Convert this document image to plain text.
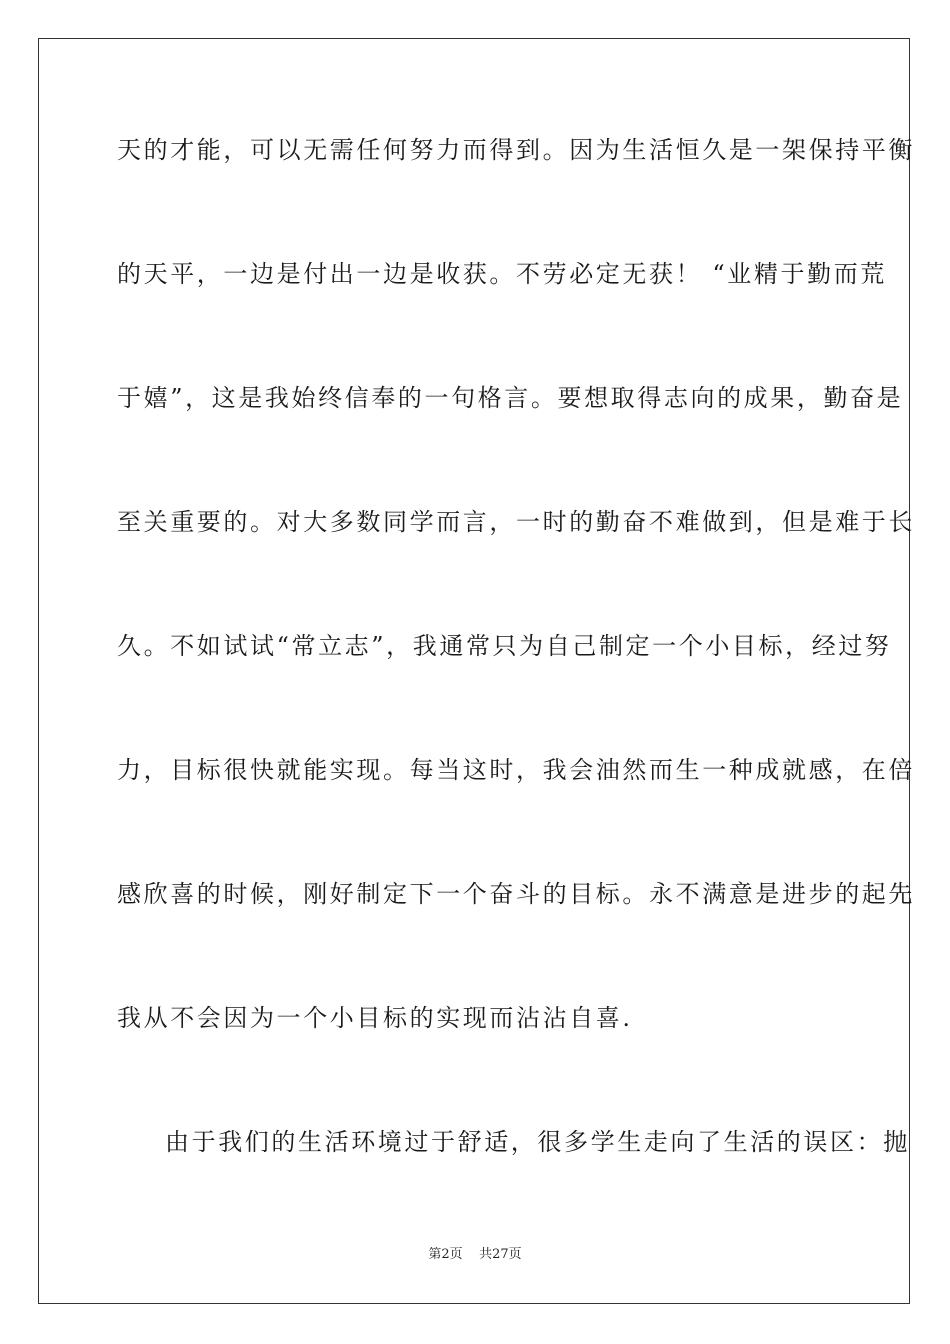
天的才能，可以无需任何努力而得到。因为生活恒久是一架保持平衡
的天平，一边是付出一边是收获。不劳必定无获！ “业精于勤而荒
于嬉”，这是我始终信奉的一句格言。要想取得志向的成果，勤奋是
至关重要的。对大多数同学而言，一时的勤奋不难做到，但是难于长
久。不如试试“常立志”，我通常只为自己制定一个小目标，经过努
力，目标很快就能实现。每当这时，我会油然而生一种成就感，在倍
感欣喜的时候，刚好制定下一个奋斗的目标。永不满意是进步的起先
我从不会因为一个小目标的实现而沾沾自喜.
由于我们的生活环境过于舒适，很多学生走向了生活的误区：抛
第2页 共27页
